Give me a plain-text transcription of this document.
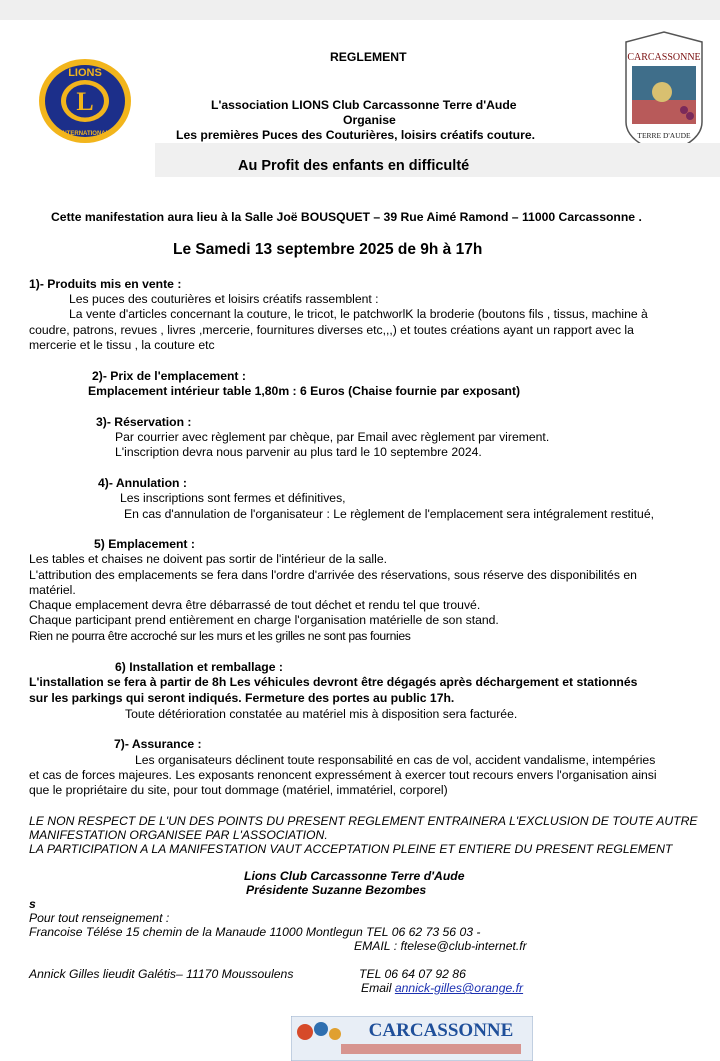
L
LIONS
INTERNATIONAL
CARCASSONNE
TERRE D'AUDE
REGLEMENT
L'association LIONS Club Carcassonne Terre d'Aude
Organise
Les premières Puces des Couturières, loisirs créatifs couture.
Au Profit des enfants en difficulté
Cette manifestation aura lieu à la Salle Joë BOUSQUET – 39 Rue Aimé Ramond – 11000 Carcassonne .
Le Samedi 13 septembre 2025 de 9h à 17h
1)- Produits mis en vente :
Les puces des couturières et loisirs créatifs rassemblent :
La vente d'articles concernant la couture, le tricot, le patchworlK la broderie (boutons fils , tissus, machine à
coudre, patrons, revues , livres ,mercerie, fournitures diverses etc,,,) et toutes créations ayant un rapport avec la
mercerie et le tissu , la couture etc
2)- Prix de l'emplacement :
Emplacement intérieur table 1,80m : 6 Euros (Chaise fournie par exposant)
3)- Réservation :
Par courrier avec règlement par chèque, par Email avec règlement par virement.
L'inscription devra nous parvenir au plus tard le 10 septembre 2024.
4)- Annulation :
Les inscriptions sont fermes et définitives,
En cas d'annulation de l'organisateur : Le règlement de l'emplacement sera intégralement restitué,
5) Emplacement :
Les tables et chaises ne doivent pas sortir de l'intérieur de la salle.
L'attribution des emplacements se fera dans l'ordre d'arrivée des réservations, sous réserve des disponibilités en
matériel.
Chaque emplacement devra être débarrassé de tout déchet et rendu tel que trouvé.
Chaque participant prend entièrement en charge l'organisation matérielle de son stand.
Rien ne pourra être accroché sur les murs et les grilles ne sont pas fournies
6) Installation et remballage :
L'installation se fera à partir de 8h Les véhicules devront être dégagés après déchargement et stationnés
sur les parkings qui seront indiqués. Fermeture des portes au public 17h.
Toute détérioration constatée au matériel mis à disposition sera facturée.
7)- Assurance :
Les organisateurs déclinent toute responsabilité en cas de vol, accident vandalisme, intempéries
et cas de forces majeures. Les exposants renoncent expressément à exercer tout recours envers l'organisation ainsi
que le propriétaire du site, pour tout dommage (matériel, immatériel, corporel)
LE NON RESPECT DE L'UN DES POINTS DU PRESENT REGLEMENT ENTRAINERA L'EXCLUSION DE TOUTE AUTRE
MANIFESTATION ORGANISEE PAR L'ASSOCIATION.
LA PARTICIPATION A LA MANIFESTATION VAUT ACCEPTATION PLEINE ET ENTIERE DU PRESENT REGLEMENT
Lions Club Carcassonne Terre d'Aude
Présidente Suzanne Bezombes
s
Pour tout renseignement :
Francoise Télése 15 chemin de la Manaude 11000 Montlegun TEL 06 62 73 56 03 -
EMAIL : ftelese@club-internet.fr
Annick Gilles lieudit Galétis– 11170 Moussoulens	TEL 06 64 07 92 86
Email annick-gilles@orange.fr
CARCASSONNE
